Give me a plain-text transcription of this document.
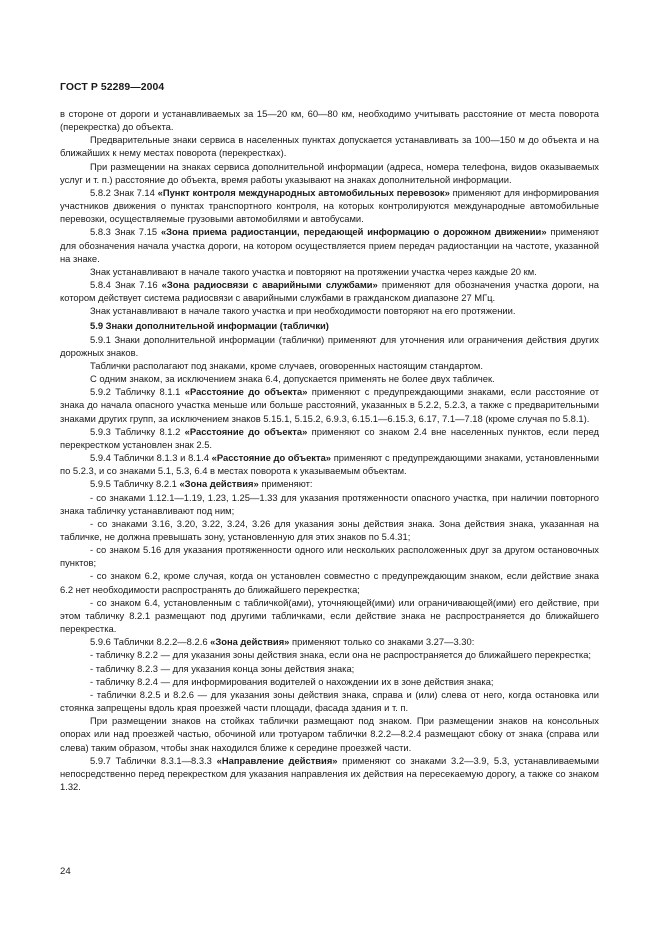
ГОСТ Р 52289—2004

в стороне от дороги и устанавливаемых за 15—20 км, 60—80 км, необходимо учитывать расстояние от места поворота (перекрестка) до объекта.

Предварительные знаки сервиса в населенных пунктах допускается устанавливать за 100—150 м до объекта и на ближайших к нему местах поворота (перекрестках).

При размещении на знаках сервиса дополнительной информации (адреса, номера телефона, видов оказываемых услуг и т. п.) расстояние до объекта, время работы указывают на знаках дополнительной информации.

5.8.2 Знак 7.14 «Пункт контроля международных автомобильных перевозок» применяют для информирования участников движения о пунктах транспортного контроля, на которых контролируются международные автомобильные перевозки, осуществляемые грузовыми автомобилями и автобусами.

5.8.3 Знак 7.15 «Зона приема радиостанции, передающей информацию о дорожном движении» применяют для обозначения начала участка дороги, на котором осуществляется прием передач радиостанции на частоте, указанной на знаке.

Знак устанавливают в начале такого участка и повторяют на протяжении участка через каждые 20 км.

5.8.4 Знак 7.16 «Зона радиосвязи с аварийными службами» применяют для обозначения участка дороги, на котором действует система радиосвязи с аварийными службами в гражданском диапазоне 27 МГц.

Знак устанавливают в начале такого участка и при необходимости повторяют на его протяжении.

5.9 Знаки дополнительной информации (таблички)

5.9.1 Знаки дополнительной информации (таблички) применяют для уточнения или ограничения действия других дорожных знаков.

Таблички располагают под знаками, кроме случаев, оговоренных настоящим стандартом.

С одним знаком, за исключением знака 6.4, допускается применять не более двух табличек.

5.9.2 Табличку 8.1.1 «Расстояние до объекта» применяют с предупреждающими знаками, если расстояние от знака до начала опасного участка меньше или больше расстояний, указанных в 5.2.2, 5.2.3, а также с предварительными знаками других групп, за исключением знаков 5.15.1, 5.15.2, 6.9.3, 6.15.1—6.15.3, 6.17, 7.1—7.18 (кроме случая по 5.8.1).

5.9.3 Табличку 8.1.2 «Расстояние до объекта» применяют со знаком 2.4 вне населенных пунктов, если перед перекрестком установлен знак 2.5.

5.9.4 Таблички 8.1.3 и 8.1.4 «Расстояние до объекта» применяют с предупреждающими знаками, установленными по 5.2.3, и со знаками 5.1, 5.3, 6.4 в местах поворота к указываемым объектам.

5.9.5 Табличку 8.2.1 «Зона действия» применяют:

- со знаками 1.12.1—1.19, 1.23, 1.25—1.33 для указания протяженности опасного участка, при наличии повторного знака табличку устанавливают под ним;

- со знаками 3.16, 3.20, 3.22, 3.24, 3.26 для указания зоны действия знака. Зона действия знака, указанная на табличке, не должна превышать зону, установленную для этих знаков по 5.4.31;

- со знаком 5.16 для указания протяженности одного или нескольких расположенных друг за другом остановочных пунктов;

- со знаком 6.2, кроме случая, когда он установлен совместно с предупреждающим знаком, если действие знака 6.2 нет необходимости распространять до ближайшего перекрестка;

- со знаком 6.4, установленным с табличкой(ами), уточняющей(ими) или ограничивающей(ими) его действие, при этом табличку 8.2.1 размещают под другими табличками, если действие знака не распространяется до ближайшего перекрестка.

5.9.6 Таблички 8.2.2—8.2.6 «Зона действия» применяют только со знаками 3.27—3.30:

- табличку 8.2.2 — для указания зоны действия знака, если она не распространяется до ближайшего перекрестка;

- табличку 8.2.3 — для указания конца зоны действия знака;

- табличку 8.2.4 — для информирования водителей о нахождении их в зоне действия знака;

- таблички 8.2.5 и 8.2.6 — для указания зоны действия знака, справа и (или) слева от него, когда остановка или стоянка запрещены вдоль края проезжей части площади, фасада здания и т. п.

При размещении знаков на стойках таблички размещают под знаком. При размещении знаков на консольных опорах или над проезжей частью, обочиной или тротуаром таблички 8.2.2—8.2.4 размещают сбоку от знака (справа или слева) таким образом, чтобы знак находился ближе к середине проезжей части.

5.9.7 Таблички 8.3.1—8.3.3 «Направление действия» применяют со знаками 3.2—3.9, 5.3, устанавливаемыми непосредственно перед перекрестком для указания направления их действия на пересекаемую дорогу, а также со знаком 1.32.

24
